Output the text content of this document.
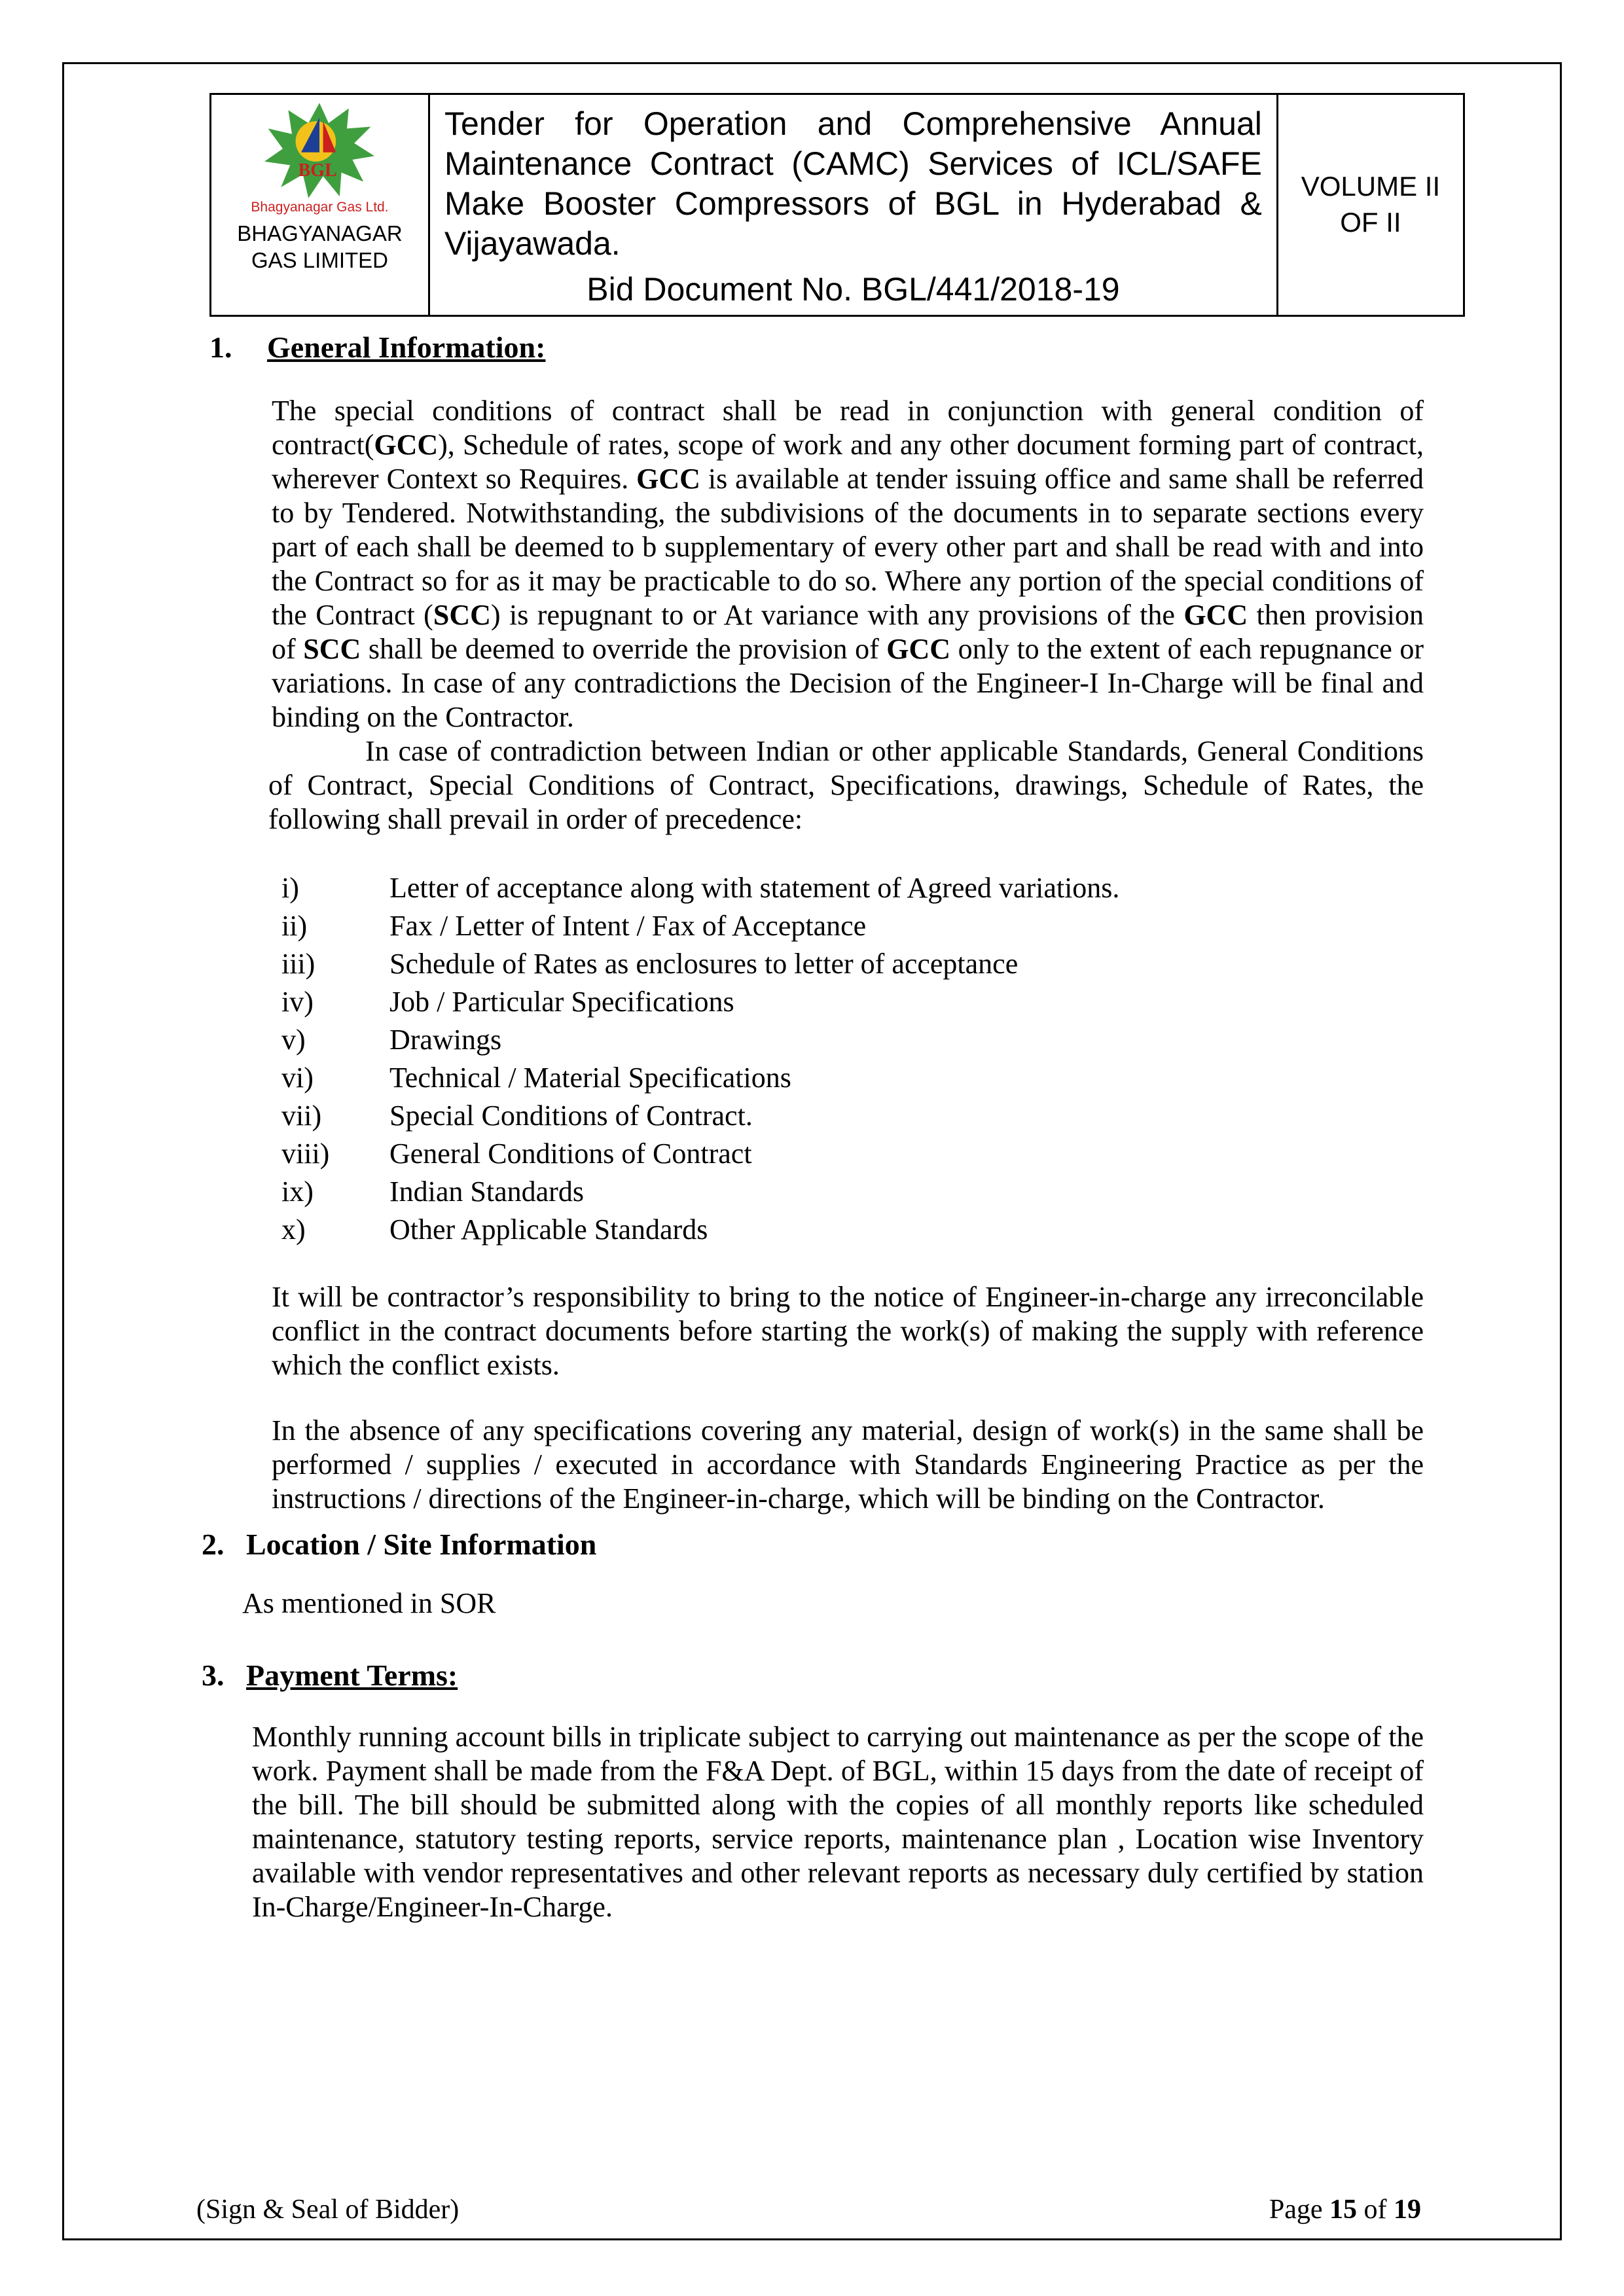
BGL
Bhagyanagar Gas Ltd.
BHAGYANAGAR GAS LIMITED
Tender for Operation and Comprehensive Annual Maintenance Contract (CAMC) Services of ICL/SAFE Make Booster Compressors of BGL in Hyderabad & Vijayawada.
Bid Document No. BGL/441/2018-19
VOLUME II
OF II
1.	General Information:
The special conditions of contract shall be read in conjunction with general condition of contract(GCC), Schedule of rates, scope of work and any other document forming part of contract, wherever Context so Requires. GCC is available at tender issuing office and same shall be referred to by Tendered. Notwithstanding, the subdivisions of the documents in to separate sections every part of each shall be deemed to b supplementary of every other part and shall be read with and into the Contract so for as it may be practicable to do so. Where any portion of the special conditions of the Contract (SCC) is repugnant to or At variance with any provisions of the GCC then provision of SCC shall be deemed to override the provision of GCC only to the extent of each repugnance or variations. In case of any contradictions the Decision of the Engineer-I In-Charge will be final and binding on the Contractor.
In case of contradiction between Indian or other applicable Standards, General Conditions of Contract, Special Conditions of Contract, Specifications, drawings, Schedule of Rates, the following shall prevail in order of precedence:
i)	Letter of acceptance along with statement of Agreed variations.
ii)	Fax / Letter of Intent / Fax of Acceptance
iii)	Schedule of Rates as enclosures to letter of acceptance
iv)	Job / Particular Specifications
v)	Drawings
vi)	Technical / Material Specifications
vii)	Special Conditions of Contract.
viii)	General Conditions of Contract
ix)	Indian Standards
x)	Other Applicable Standards
It will be contractor’s responsibility to bring to the notice of Engineer-in-charge any irreconcilable conflict in the contract documents before starting the work(s) of making the supply with reference which the conflict exists.
In the absence of any specifications covering any material, design of work(s) in the same shall be performed / supplies / executed in accordance with Standards Engineering Practice as per the instructions / directions of the Engineer-in-charge, which will be binding on the Contractor.
2. Location / Site Information
As mentioned in SOR
3. Payment Terms:
Monthly running account bills in triplicate subject to carrying out maintenance as per the scope of the work. Payment shall be made from the F&A Dept. of BGL, within 15 days from the date of receipt of the bill. The bill should be submitted along with the copies of all monthly reports like scheduled maintenance, statutory testing reports, service reports, maintenance plan , Location wise Inventory available with vendor representatives and other relevant reports as necessary duly certified by station In-Charge/Engineer-In-Charge.
(Sign & Seal of Bidder)	Page 15 of 19
